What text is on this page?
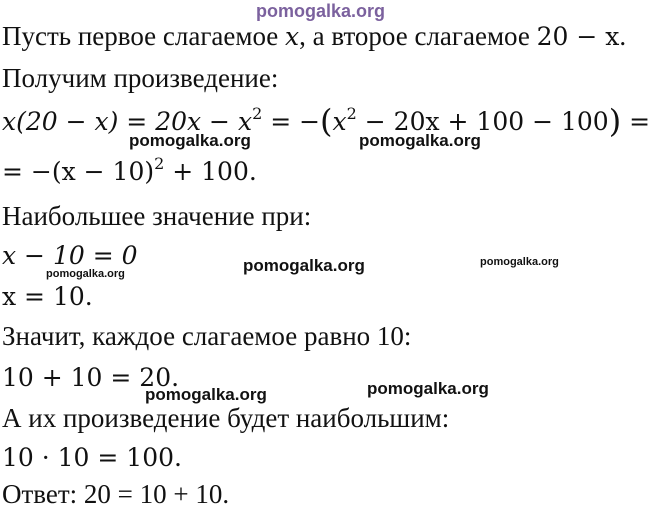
pomogalka.org
Пусть первое слагаемое x, а второе слагаемое 20 − x.
Получим произведение:
$x(20 - x) = 20x - x^2 = -(x^2 - 20x + 100 - 100)$ =
pomogalka.org	pomogalka.org
= $-(x - 10)^2 + 100$.
Наибольшее значение при:
x − 10 = 0
pomogalka.org	pomogalka.org	pomogalka.org
x = 10.
Значит, каждое слагаемое равно 10:
10 + 10 = 20.
pomogalka.org	pomogalka.org
А их произведение будет наибольшим:
10 · 10 = 100.
Ответ: 20 = 10 + 10.
